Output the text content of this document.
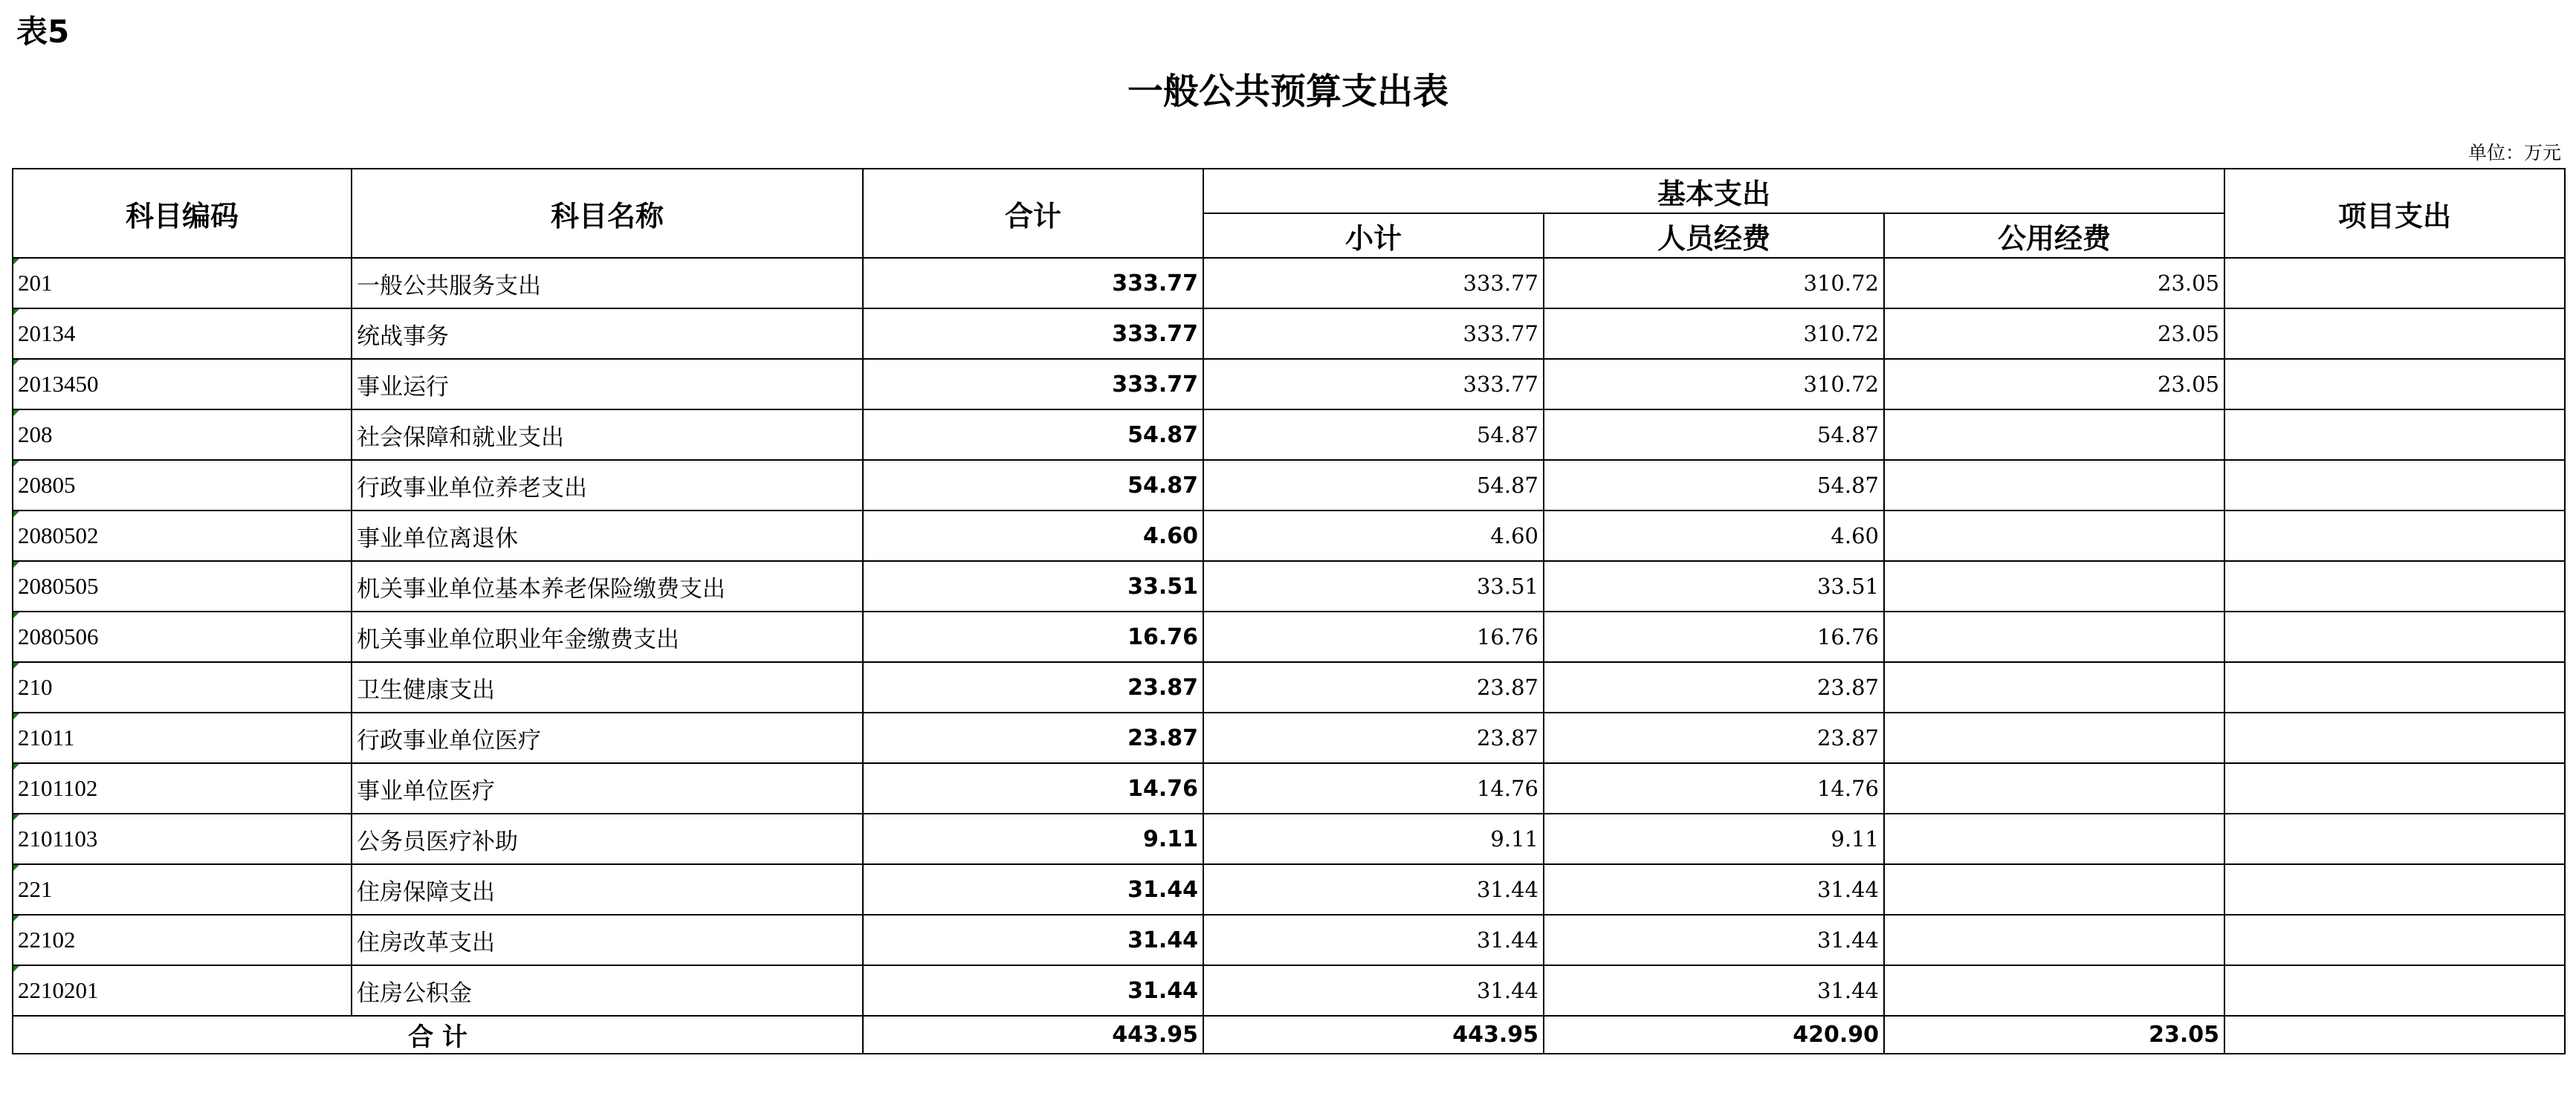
表5
一般公共预算支出表
单位：万元
科目编码	科目名称	合计	基本支出			项目支出
			小计	人员经费	公用经费	
201	一般公共服务支出	333.77	333.77	310.72	23.05	
20134	统战事务	333.77	333.77	310.72	23.05	
2013450	事业运行	333.77	333.77	310.72	23.05	
208	社会保障和就业支出	54.87	54.87	54.87		
20805	行政事业单位养老支出	54.87	54.87	54.87		
2080502	事业单位离退休	4.60	4.60	4.60		
2080505	机关事业单位基本养老保险缴费支出	33.51	33.51	33.51		
2080506	机关事业单位职业年金缴费支出	16.76	16.76	16.76		
210	卫生健康支出	23.87	23.87	23.87		
21011	行政事业单位医疗	23.87	23.87	23.87		
2101102	事业单位医疗	14.76	14.76	14.76		
2101103	公务员医疗补助	9.11	9.11	9.11		
221	住房保障支出	31.44	31.44	31.44		
22102	住房改革支出	31.44	31.44	31.44		
2210201	住房公积金	31.44	31.44	31.44		
合 计		443.95	443.95	420.90	23.05	
